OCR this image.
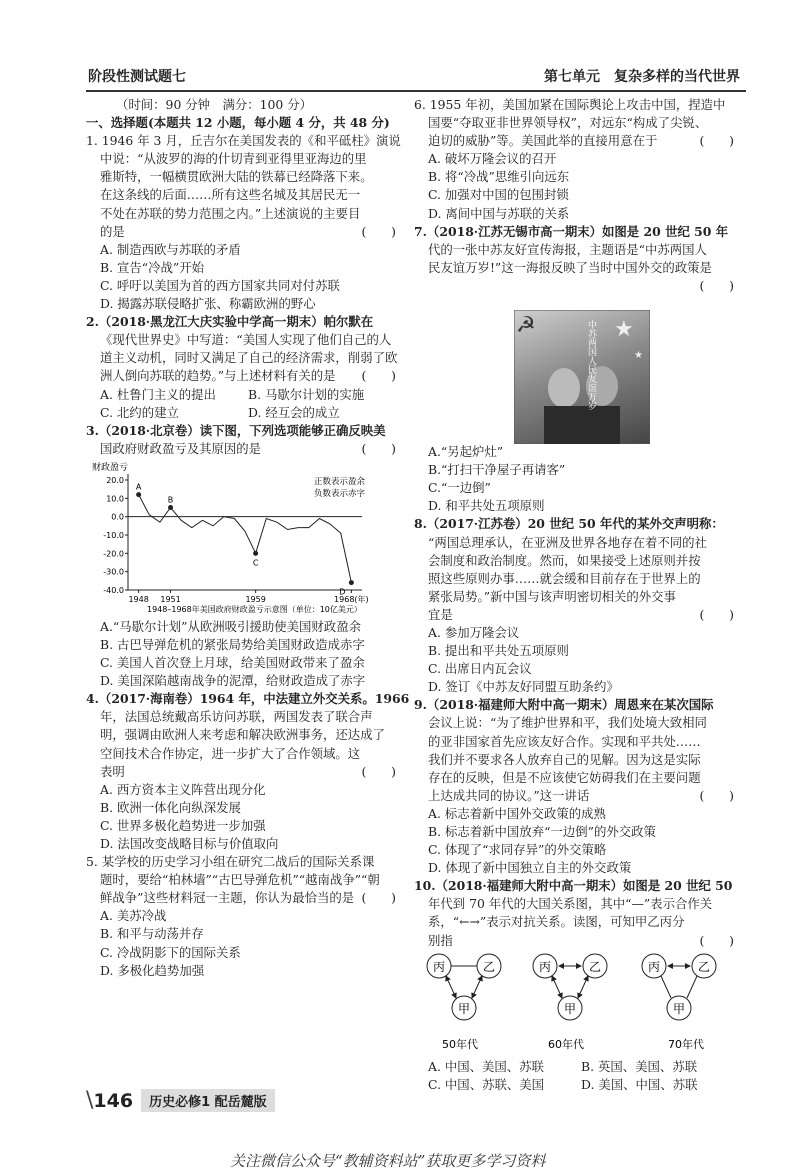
阶段性测试题七	第七单元　复杂多样的当代世界

（时间：90 分钟　满分：100 分）

一、选择题(本题共 12 小题，每小题 4 分，共 48 分)

1. 1946 年 3 月，丘吉尔在美国发表的《和平砥柱》演说

中说：“从波罗的海的什切青到亚得里亚海边的里

雅斯特，一幅横贯欧洲大陆的铁幕已经降落下来。

在这条线的后面……所有这些名城及其居民无一

不处在苏联的势力范围之内。”上述演说的主要目

的是	(　　)

A. 制造西欧与苏联的矛盾

B. 宣告“冷战”开始

C. 呼吁以美国为首的西方国家共同对付苏联

D. 揭露苏联侵略扩张、称霸欧洲的野心

2.（2018·黑龙江大庆实验中学高一期末）帕尔默在

《现代世界史》中写道：“美国人实现了他们自己的人

道主义动机，同时又满足了自己的经济需求，削弱了欧

洲人倒向苏联的趋势。”与上述材料有关的是 (　　)

A. 杜鲁门主义的提出	B. 马歇尔计划的实施

C. 北约的建立	D. 经互会的成立

3.（2018·北京卷）读下图，下列选项能够正确反映美

国政府财政盈亏及其原因的是	(　　)

财政盈亏
正数表示盈余
负数表示赤字
20.0
10.0
0.0
-10.0
-20.0
-30.0
-40.0
1948 1951	1959	1968(年)
A
B
C
D
1948–1968年美国政府财政盈亏示意图（单位：10亿美元）

A.“马歇尔计划”从欧洲吸引援助使美国财政盈余

B. 古巴导弹危机的紧张局势给美国财政造成赤字

C. 美国人首次登上月球，给美国财政带来了盈余

D. 美国深陷越南战争的泥潭，给财政造成了赤字

4.（2017·海南卷）1964 年，中法建立外交关系。1966

年，法国总统戴高乐访问苏联，两国发表了联合声

明，强调由欧洲人来考虑和解决欧洲事务，还达成了

空间技术合作协定，进一步扩大了合作领域。这

表明	(　　)

A. 西方资本主义阵营出现分化

B. 欧洲一体化向纵深发展

C. 世界多极化趋势进一步加强

D. 法国改变战略目标与价值取向

5. 某学校的历史学习小组在研究二战后的国际关系课

题时，要给“柏林墙”“古巴导弹危机”“越南战争”“朝

鲜战争”这些材料冠一主题，你认为最恰当的是 (　　)

A. 美苏冷战

B. 和平与动荡并存

C. 冷战阴影下的国际关系

D. 多极化趋势加强

6. 1955 年初，美国加紧在国际舆论上攻击中国，捏造中

国要“夺取亚非世界领导权”，对远东“构成了尖锐、

迫切的威胁”等。美国此举的直接用意在于	(　　)

A. 破坏万隆会议的召开

B. 将“冷战”思维引向远东

C. 加强对中国的包围封锁

D. 离间中国与苏联的关系

7.（2018·江苏无锡市高一期末）如图是 20 世纪 50 年

代的一张中苏友好宣传海报，主题语是“中苏两国人

民友谊万岁!”这一海报反映了当时中国外交的政策是

(　　)

A.“另起炉灶”

B.“打扫干净屋子再请客”

C.“一边倒”

D. 和平共处五项原则

8.（2017·江苏卷）20 世纪 50 年代的某外交声明称：

“两国总理承认，在亚洲及世界各地存在着不同的社

会制度和政治制度。然而，如果接受上述原则并按

照这些原则办事……就会缓和目前存在于世界上的

紧张局势。”新中国与该声明密切相关的外交事

宜是	(　　)

A. 参加万隆会议

B. 提出和平共处五项原则

C. 出席日内瓦会议

D. 签订《中苏友好同盟互助条约》

9.（2018·福建师大附中高一期末）周恩来在某次国际

会议上说：“为了维护世界和平，我们处境大致相同

的亚非国家首先应该友好合作。实现和平共处……

我们并不要求各人放弃自己的见解。因为这是实际

存在的反映，但是不应该使它妨碍我们在主要问题

上达成共同的协议。”这一讲话	(　　)

A. 标志着新中国外交政策的成熟

B. 标志着新中国放弃“一边倒”的外交政策

C. 体现了“求同存异”的外交策略

D. 体现了新中国独立自主的外交政策

10.（2018·福建师大附中高一期末）如图是 20 世纪 50

年代到 70 年代的大国关系图，其中“—”表示合作关

系，“←→”表示对抗关系。读图，可知甲乙丙分

别指	(　　)

丙	乙
甲
50年代
丙	乙
甲
60年代
丙	乙
甲
70年代

A. 中国、美国、苏联	B. 英国、美国、苏联

C. 中国、苏联、美国	D. 美国、中国、苏联

☭	★
★
中苏两国人民友谊万岁
\ 146	历史必修1 配岳麓版
关注微信公众号“教辅资料站”获取更多学习资料
